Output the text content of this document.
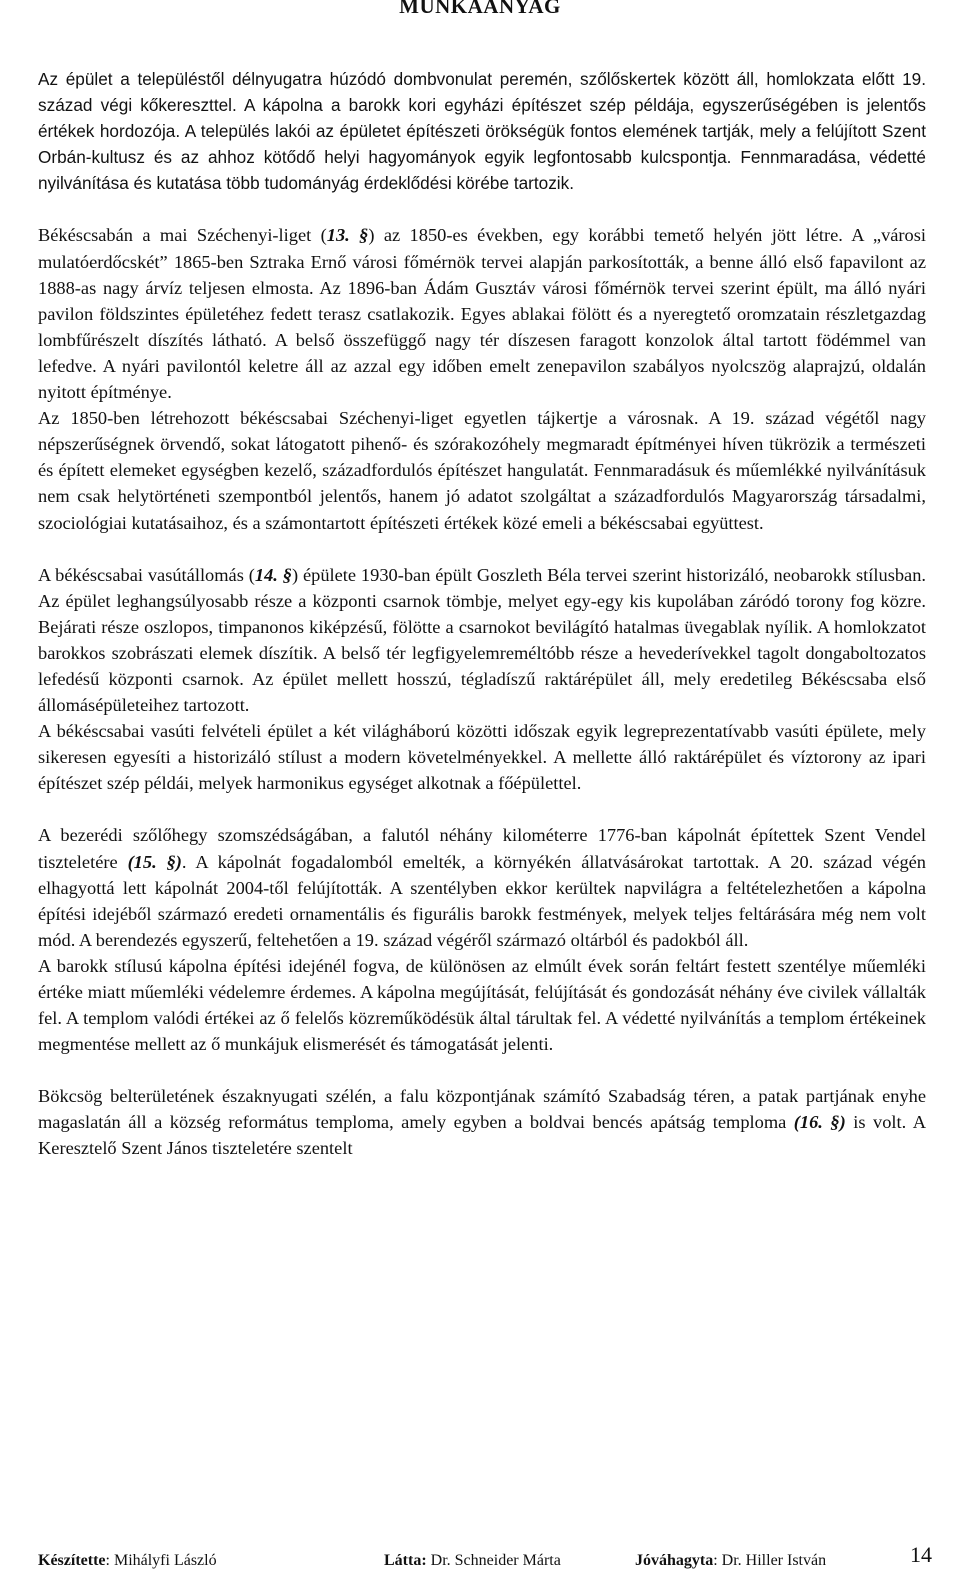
MUNKAANYAG

Az épület a településtől délnyugatra húzódó dombvonulat peremén, szőlőskertek között áll, homlokzata előtt 19. század végi kőkereszttel. A kápolna a barokk kori egyházi építészet szép példája, egyszerűségében is jelentős értékek hordozója. A település lakói az épületet építészeti örökségük fontos elemének tartják, mely a felújított Szent Orbán-kultusz és az ahhoz kötődő helyi hagyományok egyik legfontosabb kulcspontja. Fennmaradása, védetté nyilvánítása és kutatása több tudományág érdeklődési körébe tartozik.

Békéscsabán a mai Széchenyi-liget (13. §) az 1850-es években, egy korábbi temető helyén jött létre. A „városi mulatóerdőcskét” 1865-ben Sztraka Ernő városi főmérnök tervei alapján parkosították, a benne álló első fapavilont az 1888-as nagy árvíz teljesen elmosta. Az 1896-ban Ádám Gusztáv városi főmérnök tervei szerint épült, ma álló nyári pavilon földszintes épületéhez fedett terasz csatlakozik. Egyes ablakai fölött és a nyeregtető oromzatain részletgazdag lombfűrészelt díszítés látható. A belső összefüggő nagy tér díszesen faragott konzolok által tartott födémmel van lefedve. A nyári pavilontól keletre áll az azzal egy időben emelt zenepavilon szabályos nyolcszög alaprajzú, oldalán nyitott építménye.

Az 1850-ben létrehozott békéscsabai Széchenyi-liget egyetlen tájkertje a városnak. A 19. század végétől nagy népszerűségnek örvendő, sokat látogatott pihenő- és szórakozóhely megmaradt építményei híven tükrözik a természeti és épített elemeket egységben kezelő, századfordulós építészet hangulatát. Fennmaradásuk és műemlékké nyilvánításuk nem csak helytörténeti szempontból jelentős, hanem jó adatot szolgáltat a századfordulós Magyarország társadalmi, szociológiai kutatásaihoz, és a számontartott építészeti értékek közé emeli a békéscsabai együttest.

A békéscsabai vasútállomás (14. §) épülete 1930-ban épült Goszleth Béla tervei szerint historizáló, neobarokk stílusban. Az épület leghangsúlyosabb része a központi csarnok tömbje, melyet egy-egy kis kupolában záródó torony fog közre. Bejárati része oszlopos, timpanonos kiképzésű, fölötte a csarnokot bevilágító hatalmas üvegablak nyílik. A homlokzatot barokkos szobrászati elemek díszítik. A belső tér legfigyelemreméltóbb része a hevederívekkel tagolt dongaboltozatos lefedésű központi csarnok. Az épület mellett hosszú, tégladíszű raktárépület áll, mely eredetileg Békéscsaba első állomásépületeihez tartozott.

A békéscsabai vasúti felvételi épület a két világháború közötti időszak egyik legreprezentatívabb vasúti épülete, mely sikeresen egyesíti a historizáló stílust a modern követelményekkel. A mellette álló raktárépület és víztorony az ipari építészet szép példái, melyek harmonikus egységet alkotnak a főépülettel.

A bezerédi szőlőhegy szomszédságában, a falutól néhány kilométerre 1776-ban kápolnát építettek Szent Vendel tiszteletére (15. §). A kápolnát fogadalomból emelték, a környékén állatvásárokat tartottak. A 20. század végén elhagyottá lett kápolnát 2004-től felújították. A szentélyben ekkor kerültek napvilágra a feltételezhetően a kápolna építési idejéből származó eredeti ornamentális és figurális barokk festmények, melyek teljes feltárására még nem volt mód. A berendezés egyszerű, feltehetően a 19. század végéről származó oltárból és padokból áll.

A barokk stílusú kápolna építési idejénél fogva, de különösen az elmúlt évek során feltárt festett szentélye műemléki értéke miatt műemléki védelemre érdemes. A kápolna megújítását, felújítását és gondozását néhány éve civilek vállalták fel. A templom valódi értékei az ő felelős közreműködésük által tárultak fel. A védetté nyilvánítás a templom értékeinek megmentése mellett az ő munkájuk elismerését és támogatását jelenti.

Bökcsög belterületének északnyugati szélén, a falu központjának számító Szabadság téren, a patak partjának enyhe magaslatán áll a község református temploma, amely egyben a boldvai bencés apátság temploma (16. §) is volt. A Keresztelő Szent János tiszteletére szentelt

Készítette: Mihályfi László	Látta: Dr. Schneider Márta	Jóváhagyta: Dr. Hiller István	14
